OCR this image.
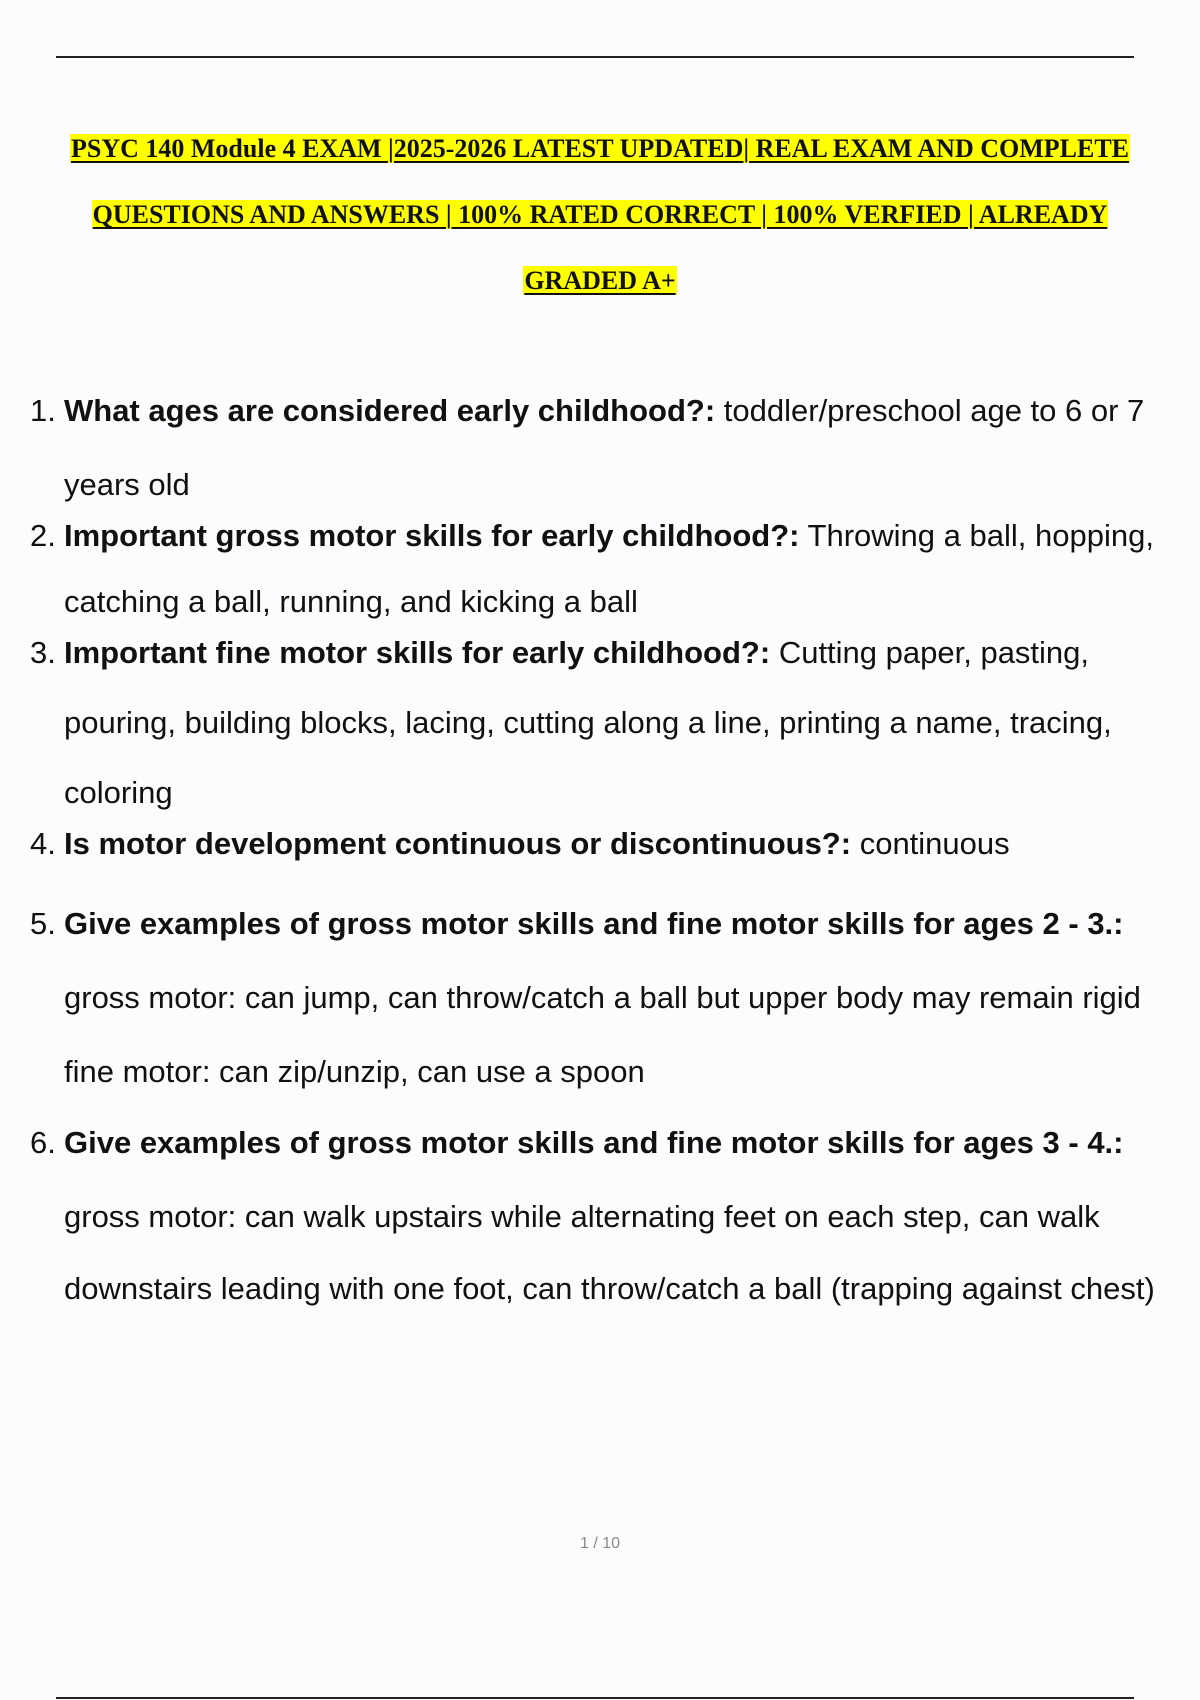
PSYC 140 Module 4 EXAM |2025-2026 LATEST UPDATED| REAL EXAM AND COMPLETE
QUESTIONS AND ANSWERS | 100% RATED CORRECT | 100% VERFIED | ALREADY
GRADED A+
1. What ages are considered early childhood?: toddler/preschool age to 6 or 7
years old
2. Important gross motor skills for early childhood?: Throwing a ball, hopping,
catching a ball, running, and kicking a ball
3. Important fine motor skills for early childhood?: Cutting paper, pasting,
pouring, building blocks, lacing, cutting along a line, printing a name, tracing,
coloring
4. Is motor development continuous or discontinuous?: continuous
5. Give examples of gross motor skills and fine motor skills for ages 2 - 3.:
gross motor: can jump, can throw/catch a ball but upper body may remain rigid
fine motor: can zip/unzip, can use a spoon
6. Give examples of gross motor skills and fine motor skills for ages 3 - 4.:
gross motor: can walk upstairs while alternating feet on each step, can walk
downstairs leading with one foot, can throw/catch a ball (trapping against chest)
1 / 10
